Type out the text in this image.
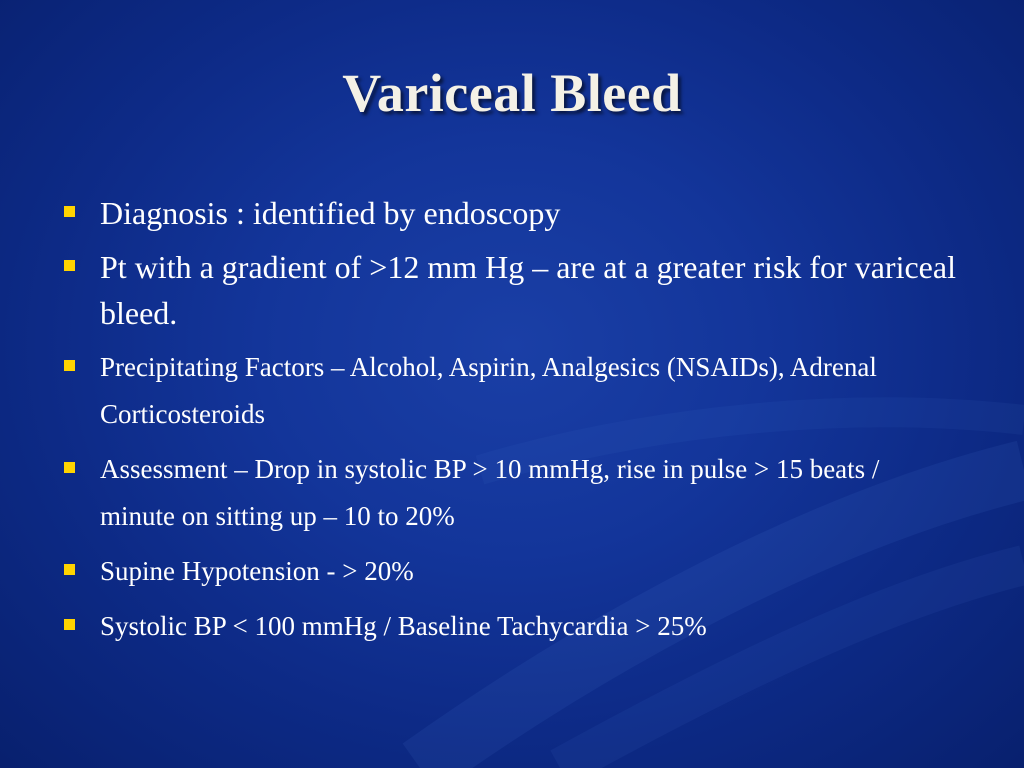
Variceal Bleed
Diagnosis : identified by endoscopy
Pt with a gradient of >12 mm Hg – are at a greater risk for variceal bleed.
Precipitating Factors – Alcohol, Aspirin, Analgesics (NSAIDs), Adrenal Corticosteroids
Assessment – Drop in systolic BP > 10 mmHg, rise in pulse > 15 beats / minute on sitting up – 10 to 20%
Supine Hypotension - > 20%
Systolic BP < 100 mmHg / Baseline Tachycardia > 25%
